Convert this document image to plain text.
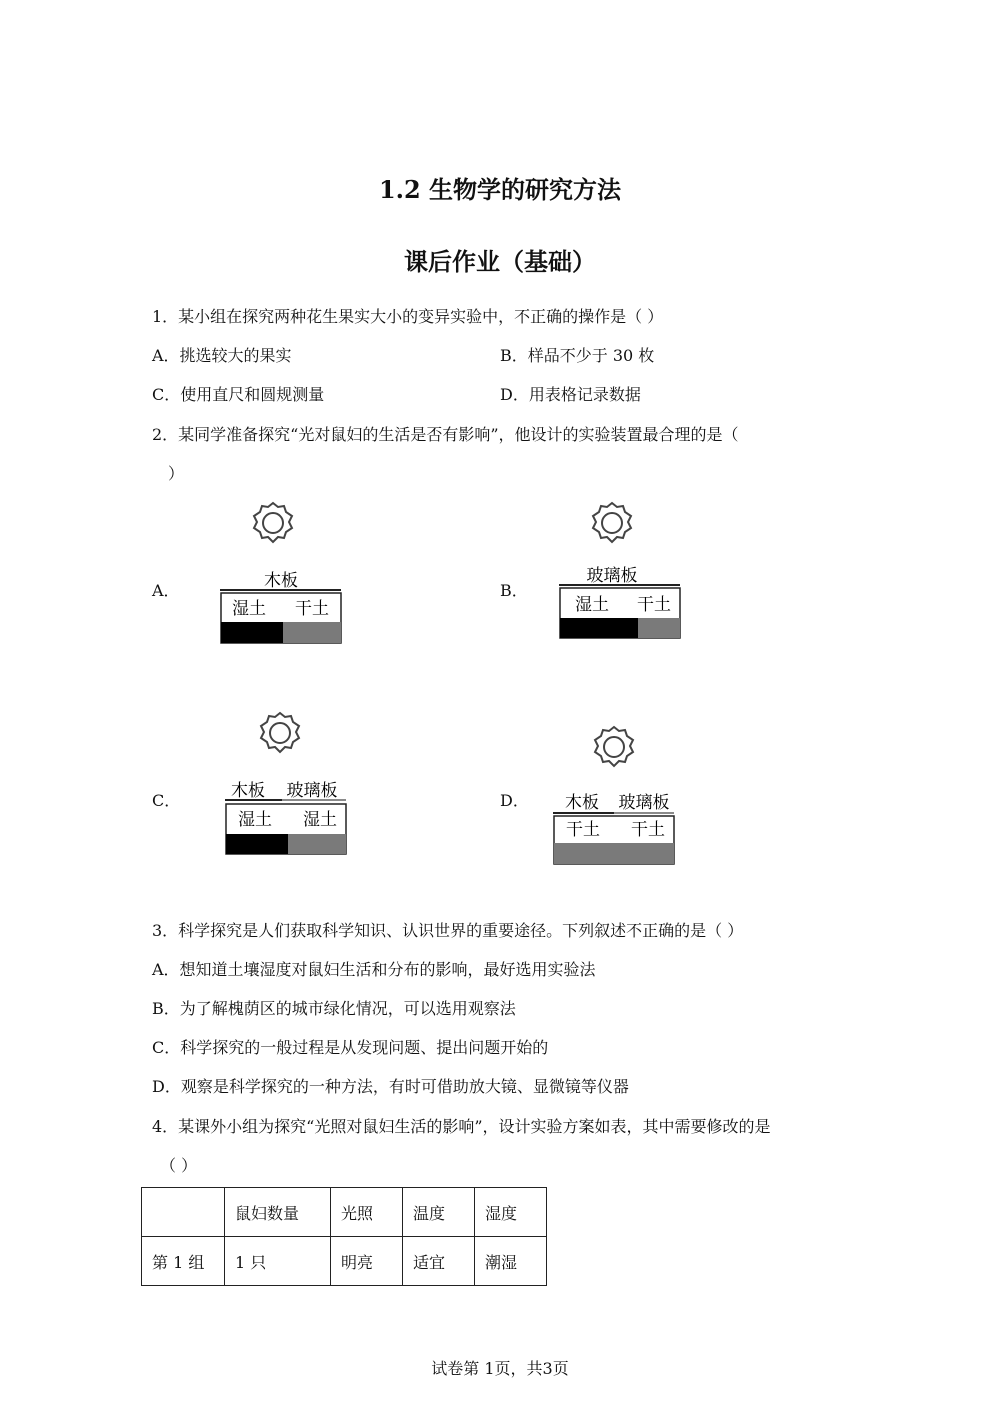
1.2 生物学的研究方法
课后作业（基础）
1．某小组在探究两种花生果实大小的变异实验中，不正确的操作是（ ）
A．挑选较大的果实	B．样品不少于 30 枚
C．使用直尺和圆规测量	D．用表格记录数据
2．某同学准备探究“光对鼠妇的生活是否有影响”，他设计的实验装置最合理的是（
）
A．	B．
C．	D．
木板
湿土 干土
玻璃板
湿土 干土
木板 玻璃板
湿土 湿土
木板 玻璃板
干土 干土
3．科学探究是人们获取科学知识、认识世界的重要途径。下列叙述不正确的是（ ）
A．想知道土壤湿度对鼠妇生活和分布的影响，最好选用实验法
B．为了解槐荫区的城市绿化情况，可以选用观察法
C．科学探究的一般过程是从发现问题、提出问题开始的
D．观察是科学探究的一种方法，有时可借助放大镜、显微镜等仪器
4．某课外小组为探究“光照对鼠妇生活的影响”，设计实验方案如表，其中需要修改的是
（ ）
	鼠妇数量	光照	温度	湿度
第 1 组	1 只	明亮	适宜	潮湿
试卷第 1页，共3页
